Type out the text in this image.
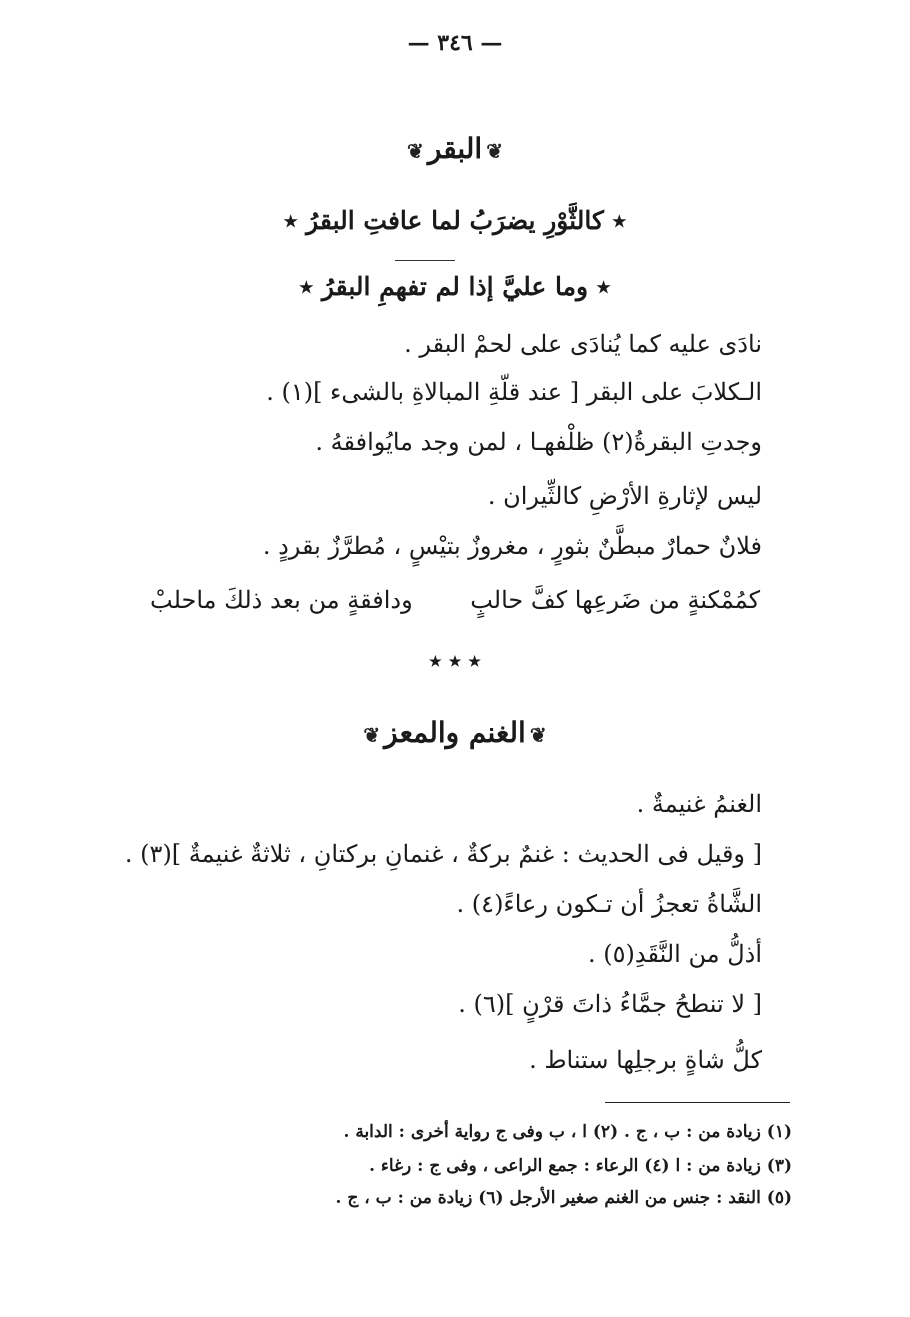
— ٣٤٦ —
❦البقر❦
٭ كالثَّوْرِ يضرَبُ لما عافتِ البقرُ ٭
٭ وما عليَّ إذا لم تفهمِ البقرُ ٭
نادَى عليه كما يُنادَى على لحمْ البقر .
الـكلابَ على البقر [ عند قلّةِ المبالاةِ بالشىء ](١) .
وجدتِ البقرةُ(٢) ظلْفهـا ، لمن وجد مايُوافقهُ .
ليس لإثارةِ الأرْضِ كالثِّيران .
فلانٌ حمارٌ مبطَّنٌ بثورٍ ، مغروزٌ بتيْسٍ ، مُطرَّزٌ بقردٍ .
كمُمْكنةٍ من ضَرعِها كفَّ حالبٍ
ودافقةٍ من بعد ذلكَ ماحلبْ
٭ ٭ ٭
❦الغنم والمعز❦
الغنمُ غنيمةٌ .
[ وقيل فى الحديث : غنمٌ بركةٌ ، غنمانِ بركتانِ ، ثلاثةٌ غنيمةٌ ](٣) .
الشَّاةُ تعجزُ أن تـكون رعاءً(٤) .
أذلُّ من النَّقَدِ(٥) .
[ لا تنطحُ جمَّاءُ ذاتَ قرْنٍ ](٦) .
كلُّ شاةٍ برجلِها ستناط .
(١) زيادة من : ب ، ج . (٢) ا ، ب وفى ج رواية أخرى : الدابة .
(٣) زيادة من : ا (٤) الرعاء : جمع الراعى ، وفى ج : رغاء .
(٥) النقد : جنس من الغنم صغير الأرجل (٦) زيادة من : ب ، ج .
